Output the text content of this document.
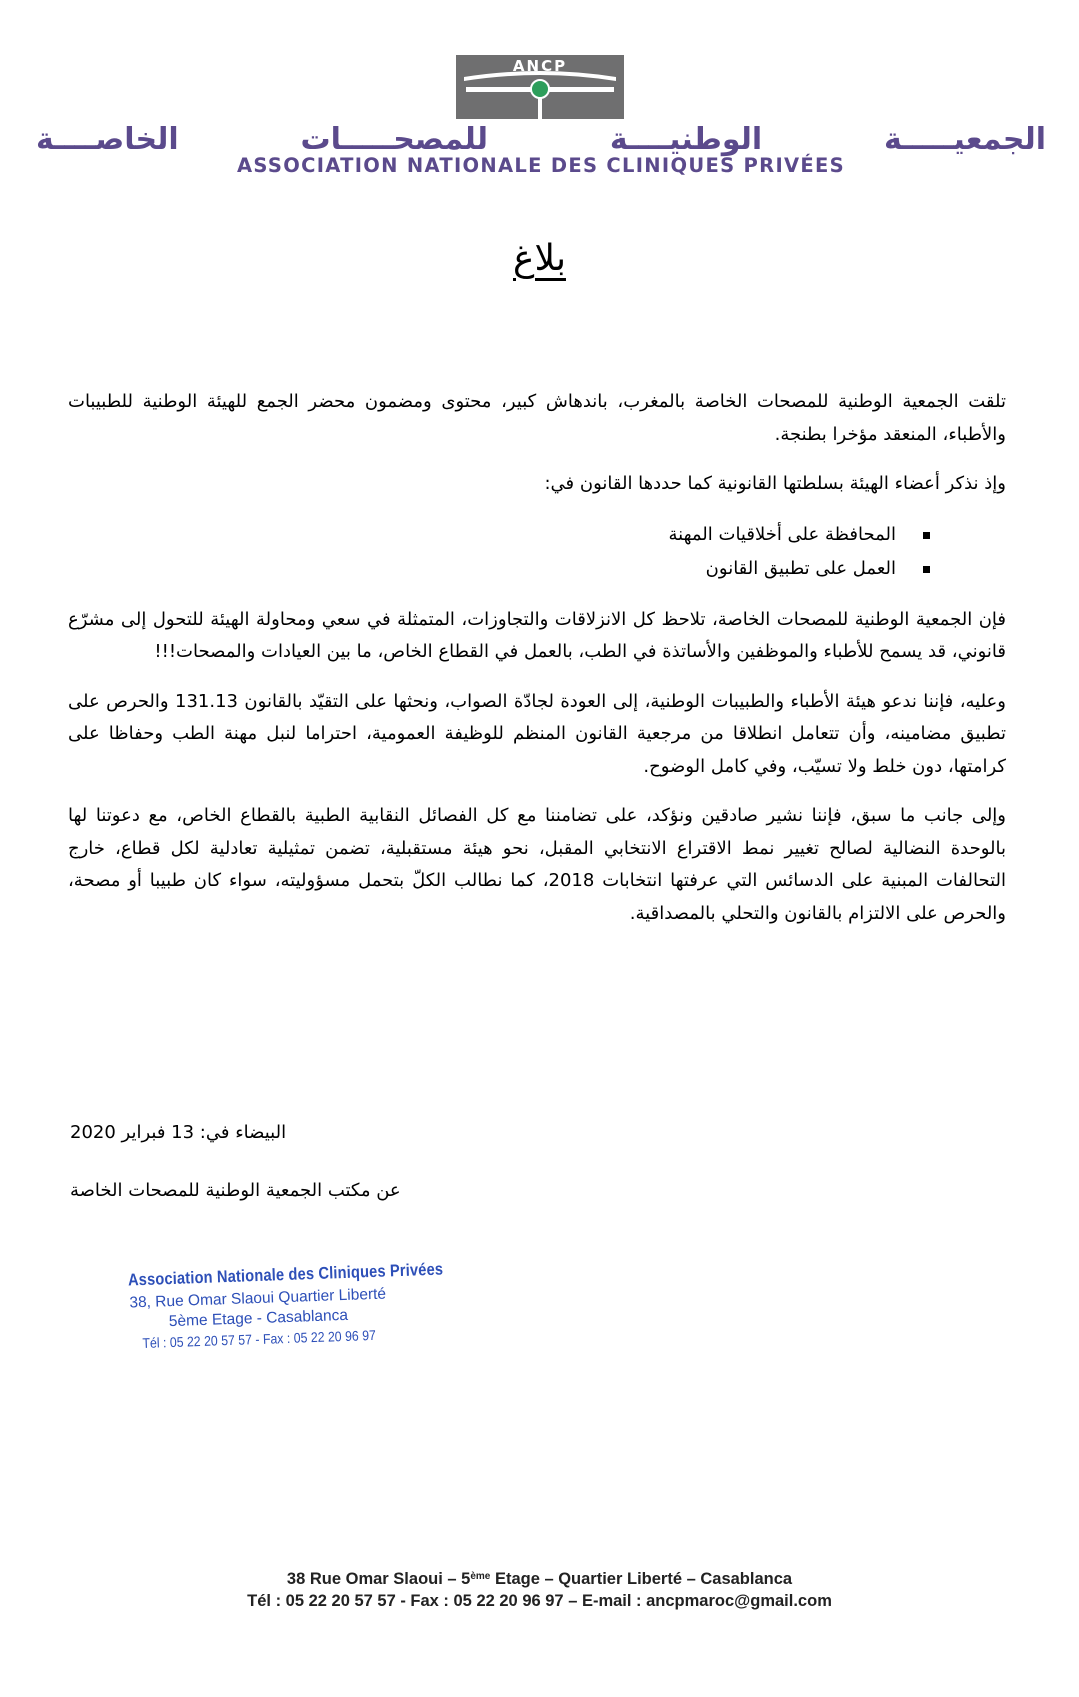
ANCP
الجمعيـــــة الوطنيــــة للمصحـــــات الخاصــــة
ASSOCIATION NATIONALE DES CLINIQUES PRIVÉES
بلاغ

تلقت الجمعية الوطنية للمصحات الخاصة بالمغرب، باندهاش كبير، محتوى ومضمون محضر الجمع للهيئة الوطنية للطبيبات والأطباء، المنعقد مؤخرا بطنجة.

وإذ نذكر أعضاء الهيئة بسلطتها القانونية كما حددها القانون في:

المحافظة على أخلاقيات المهنة
العمل على تطبيق القانون

فإن الجمعية الوطنية للمصحات الخاصة، تلاحظ كل الانزلاقات والتجاوزات، المتمثلة في سعي ومحاولة الهيئة للتحول إلى مشرّع قانوني، قد يسمح للأطباء والموظفين والأساتذة في الطب، بالعمل في القطاع الخاص، ما بين العيادات والمصحات!!!

وعليه، فإننا ندعو هيئة الأطباء والطبيبات الوطنية، إلى العودة لجادّة الصواب، ونحثها على التقيّد بالقانون 131.13 والحرص على تطبيق مضامينه، وأن تتعامل انطلاقا من مرجعية القانون المنظم للوظيفة العمومية، احتراما لنبل مهنة الطب وحفاظا على كرامتها، دون خلط ولا تسيّب، وفي كامل الوضوح.

وإلى جانب ما سبق، فإننا نشير صادقين ونؤكد، على تضامننا مع كل الفصائل النقابية الطبية بالقطاع الخاص، مع دعوتنا لها بالوحدة النضالية لصالح تغيير نمط الاقتراع الانتخابي المقبل، نحو هيئة مستقبلية، تضمن تمثيلية تعادلية لكل قطاع، خارج التحالفات المبنية على الدسائس التي عرفتها انتخابات 2018، كما نطالب الكلّ بتحمل مسؤوليته، سواء كان طبيبا أو مصحة، والحرص على الالتزام بالقانون والتحلي بالمصداقية.

البيضاء في: 13 فبراير 2020
عن مكتب الجمعية الوطنية للمصحات الخاصة
Association Nationale des Cliniques Privées
38, Rue Omar Slaoui Quartier Liberté
5ème Etage - Casablanca
Tél : 05 22 20 57 57 - Fax : 05 22 20 96 97
38 Rue Omar Slaoui – 5ème Etage – Quartier Liberté – Casablanca
Tél : 05 22 20 57 57 - Fax : 05 22 20 96 97 – E-mail : ancpmaroc@gmail.com
